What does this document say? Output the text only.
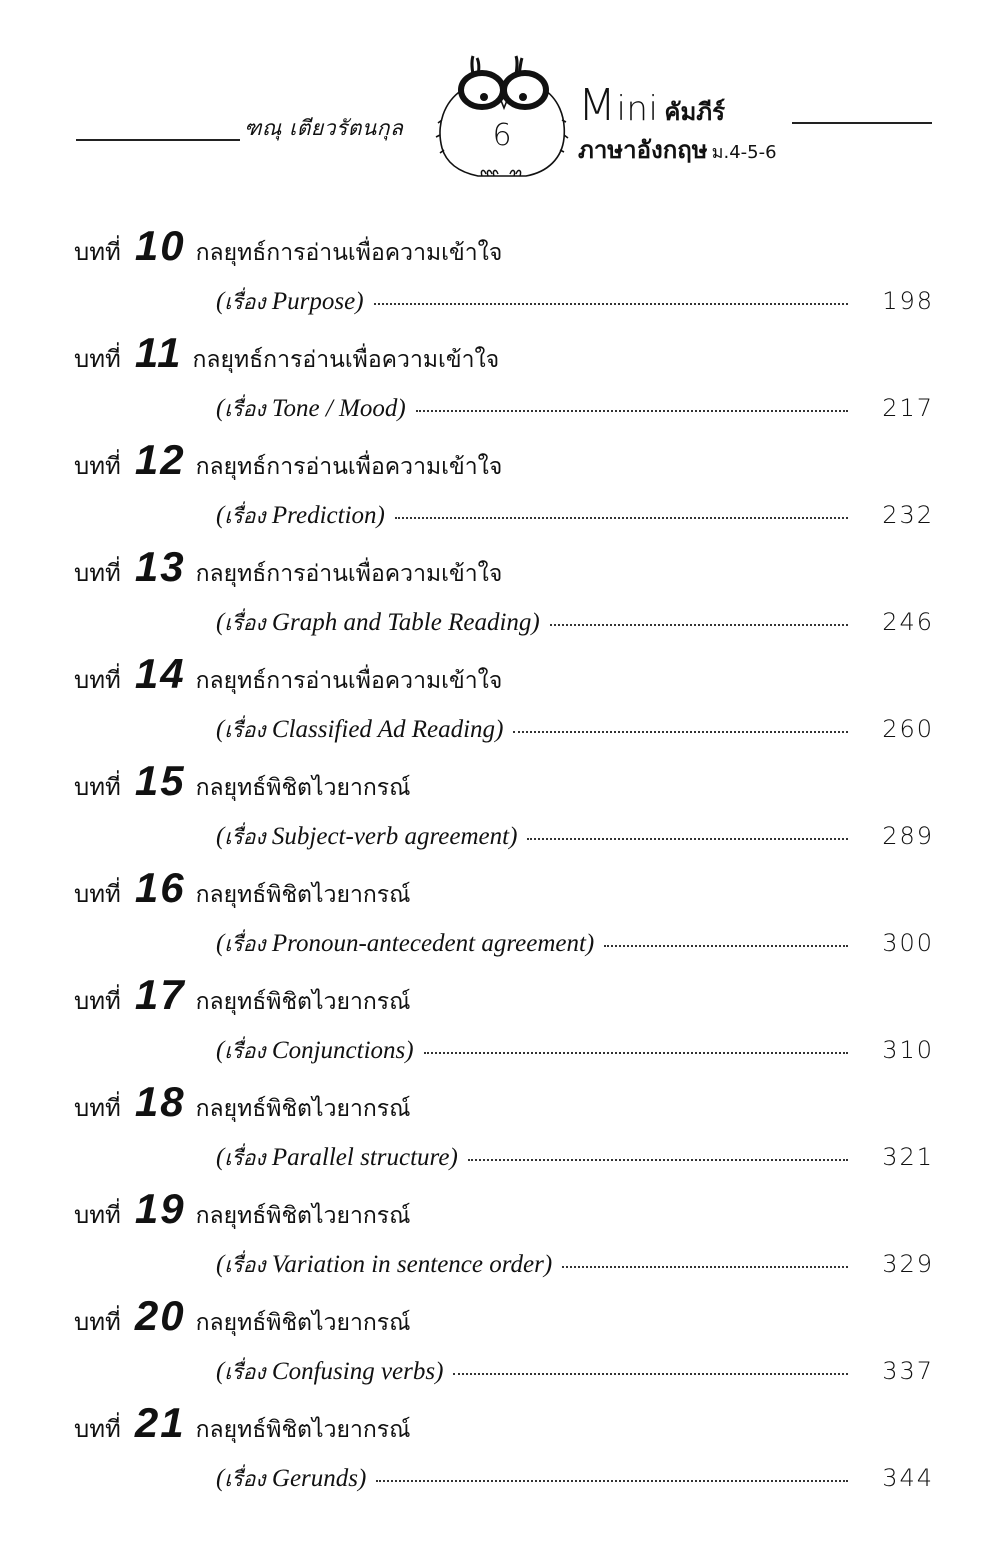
ฑณุ เตียวรัตนกุล	6
Mini คัมภีร์
ภาษาอังกฤษ ม.4-5-6
บทที่ 10 กลยุทธ์การอ่านเพื่อความเข้าใจ
(เรื่อง Purpose)	198
บทที่ 11 กลยุทธ์การอ่านเพื่อความเข้าใจ
(เรื่อง Tone / Mood)	217
บทที่ 12 กลยุทธ์การอ่านเพื่อความเข้าใจ
(เรื่อง Prediction)	232
บทที่ 13 กลยุทธ์การอ่านเพื่อความเข้าใจ
(เรื่อง Graph and Table Reading)	246
บทที่ 14 กลยุทธ์การอ่านเพื่อความเข้าใจ
(เรื่อง Classified Ad Reading)	260
บทที่ 15 กลยุทธ์พิชิตไวยากรณ์
(เรื่อง Subject-verb agreement)	289
บทที่ 16 กลยุทธ์พิชิตไวยากรณ์
(เรื่อง Pronoun-antecedent agreement)	300
บทที่ 17 กลยุทธ์พิชิตไวยากรณ์
(เรื่อง Conjunctions)	310
บทที่ 18 กลยุทธ์พิชิตไวยากรณ์
(เรื่อง Parallel structure)	321
บทที่ 19 กลยุทธ์พิชิตไวยากรณ์
(เรื่อง Variation in sentence order)	329
บทที่ 20 กลยุทธ์พิชิตไวยากรณ์
(เรื่อง Confusing verbs)	337
บทที่ 21 กลยุทธ์พิชิตไวยากรณ์
(เรื่อง Gerunds)	344
